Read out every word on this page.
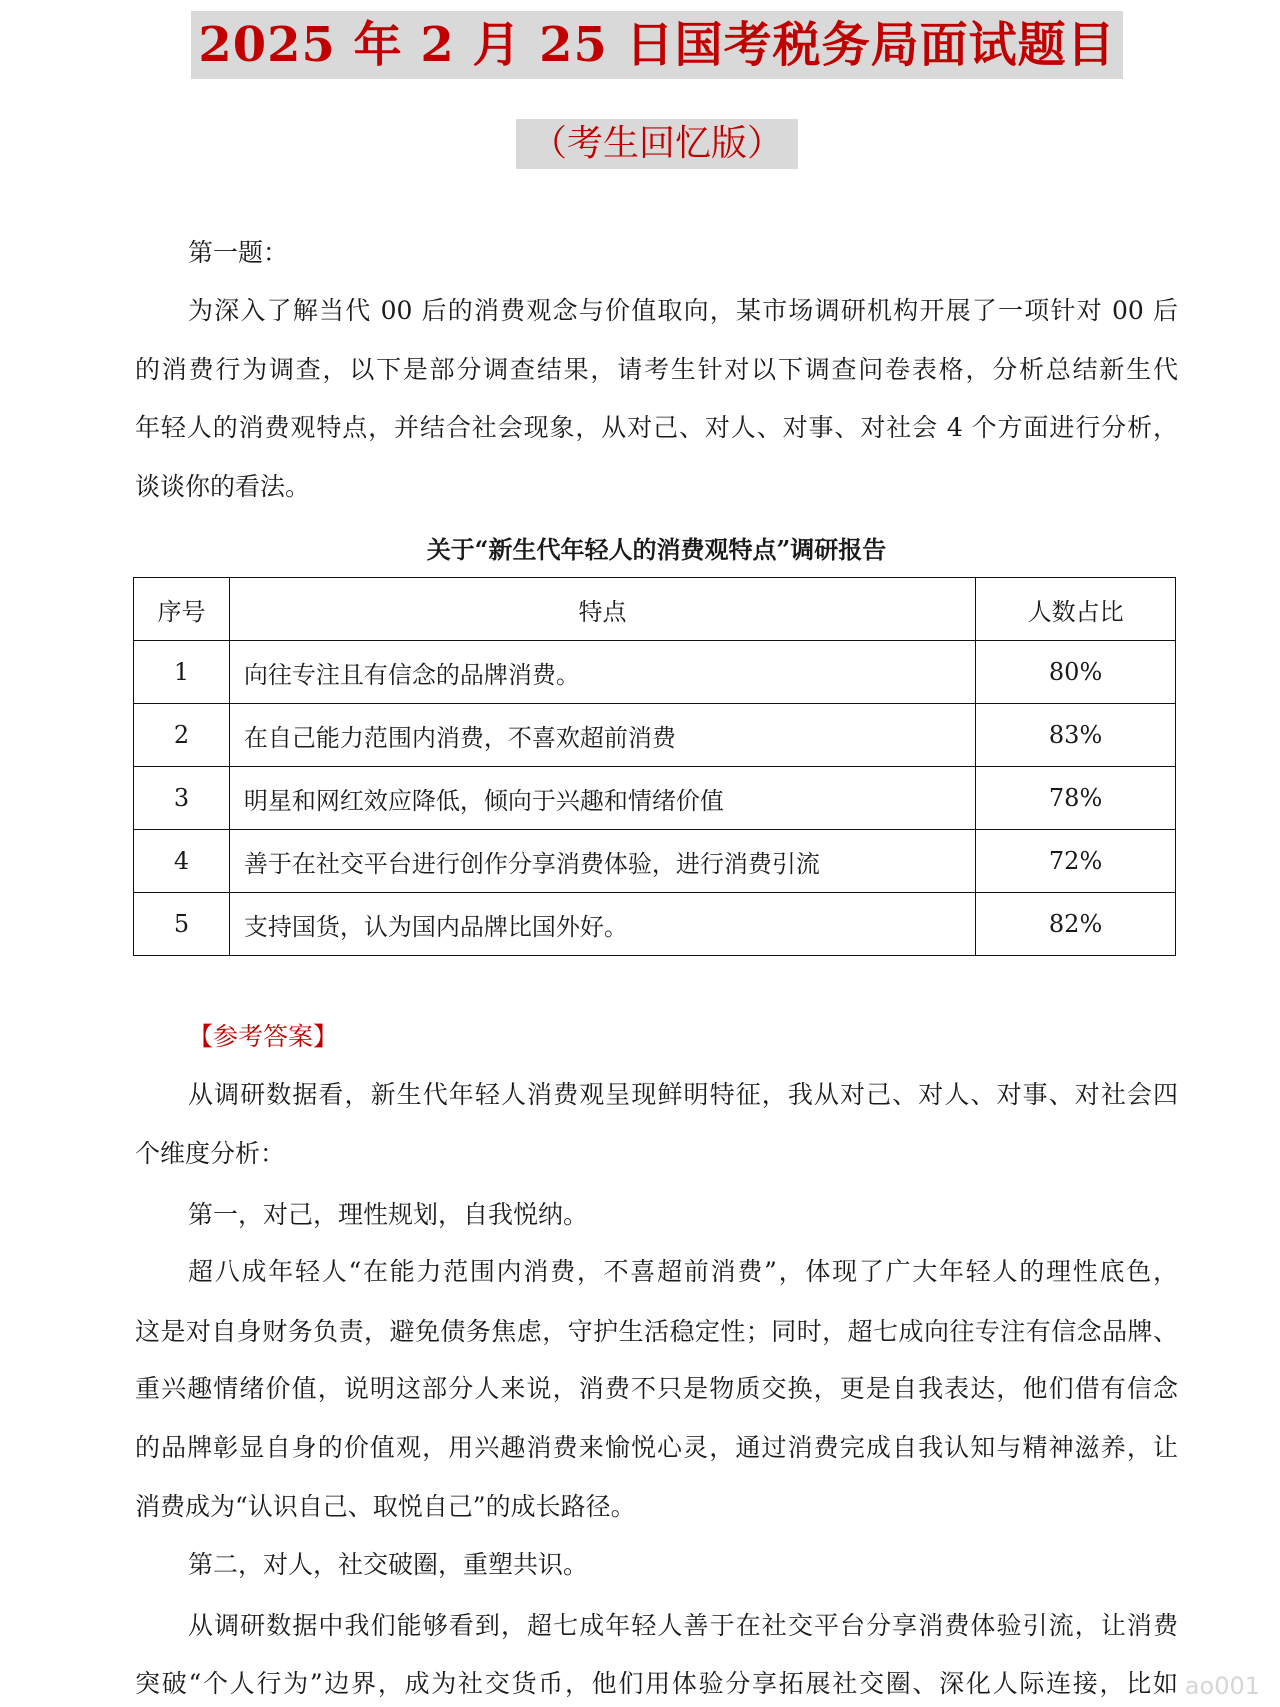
2025 年 2 月 25 日国考税务局面试题目
（考生回忆版）
第一题：
为深入了解当代 00 后的消费观念与价值取向，某市场调研机构开展了一项针对 00 后
的消费行为调查，以下是部分调查结果，请考生针对以下调查问卷表格，分析总结新生代
年轻人的消费观特点，并结合社会现象，从对己、对人、对事、对社会 4 个方面进行分析，
谈谈你的看法。
关于“新生代年轻人的消费观特点”调研报告
序号	特点	人数占比
1	向往专注且有信念的品牌消费。	80%
2	在自己能力范围内消费，不喜欢超前消费	83%
3	明星和网红效应降低，倾向于兴趣和情绪价值	78%
4	善于在社交平台进行创作分享消费体验，进行消费引流	72%
5	支持国货，认为国内品牌比国外好。	82%
【参考答案】
从调研数据看，新生代年轻人消费观呈现鲜明特征，我从对己、对人、对事、对社会四
个维度分析：
第一，对己，理性规划，自我悦纳。
超八成年轻人“在能力范围内消费，不喜超前消费”，体现了广大年轻人的理性底色，
这是对自身财务负责，避免债务焦虑，守护生活稳定性；同时，超七成向往专注有信念品牌、
重兴趣情绪价值，说明这部分人来说，消费不只是物质交换，更是自我表达，他们借有信念
的品牌彰显自身的价值观，用兴趣消费来愉悦心灵，通过消费完成自我认知与精神滋养，让
消费成为“认识自己、取悦自己”的成长路径。
第二，对人，社交破圈，重塑共识。
从调研数据中我们能够看到，超七成年轻人善于在社交平台分享消费体验引流，让消费
突破“个人行为”边界，成为社交货币，他们用体验分享拓展社交圈、深化人际连接，比如 ao001
